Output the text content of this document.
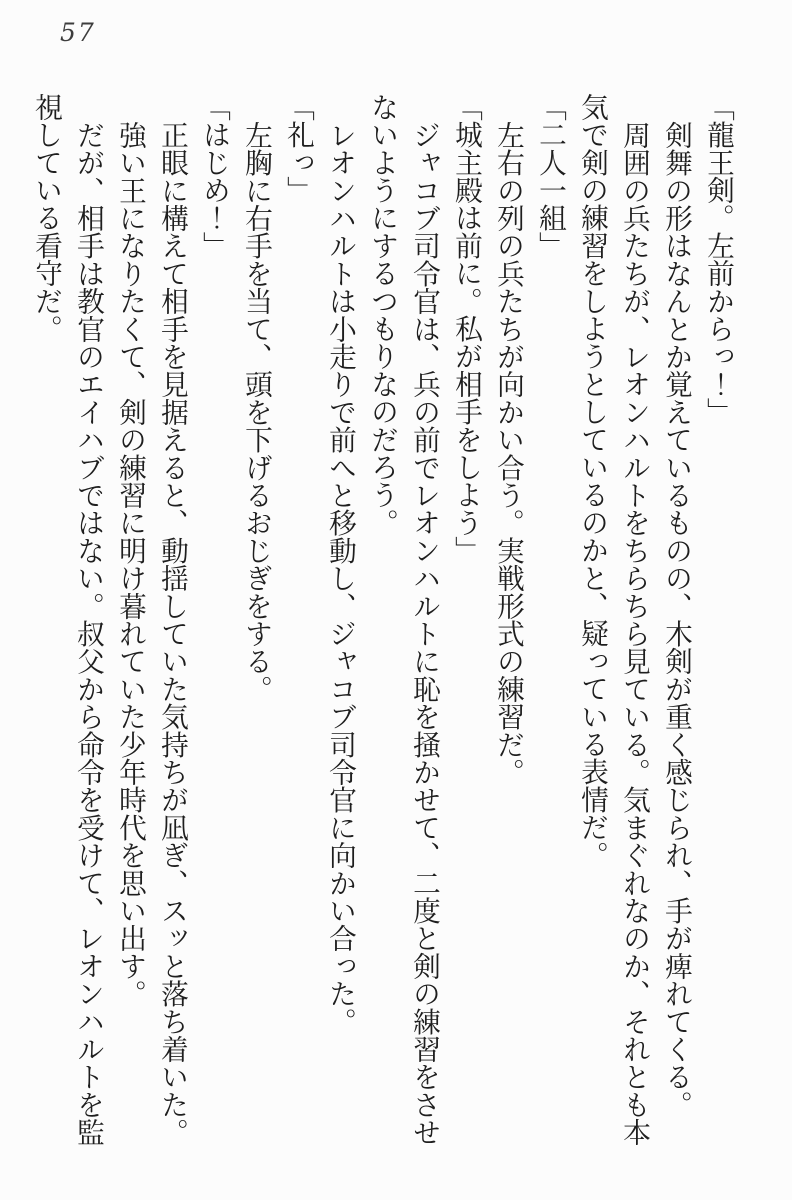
57

「龍王剣。左前からっ！」

剣舞の形はなんとか覚えているものの、木剣が重く感じられ、手が痺れてくる。

周囲の兵たちが、レオンハルトをちらちら見ている。気まぐれなのか、それとも本気で剣の練習をしようとしているのかと、疑っている表情だ。

「二人一組」

左右の列の兵たちが向かい合う。実戦形式の練習だ。

「城主殿は前に。私が相手をしよう」

ジャコブ司令官は、兵の前でレオンハルトに恥を掻かせて、二度と剣の練習をさせないようにするつもりなのだろう。

レオンハルトは小走りで前へと移動し、ジャコブ司令官に向かい合った。

「礼っ」

左胸に右手を当て、頭を下げるおじぎをする。

「はじめ！」

正眼に構えて相手を見据えると、動揺していた気持ちが凪ぎ、スッと落ち着いた。

強い王になりたくて、剣の練習に明け暮れていた少年時代を思い出す。

だが、相手は教官のエイハブではない。叔父から命令を受けて、レオンハルトを監視している看守だ。
